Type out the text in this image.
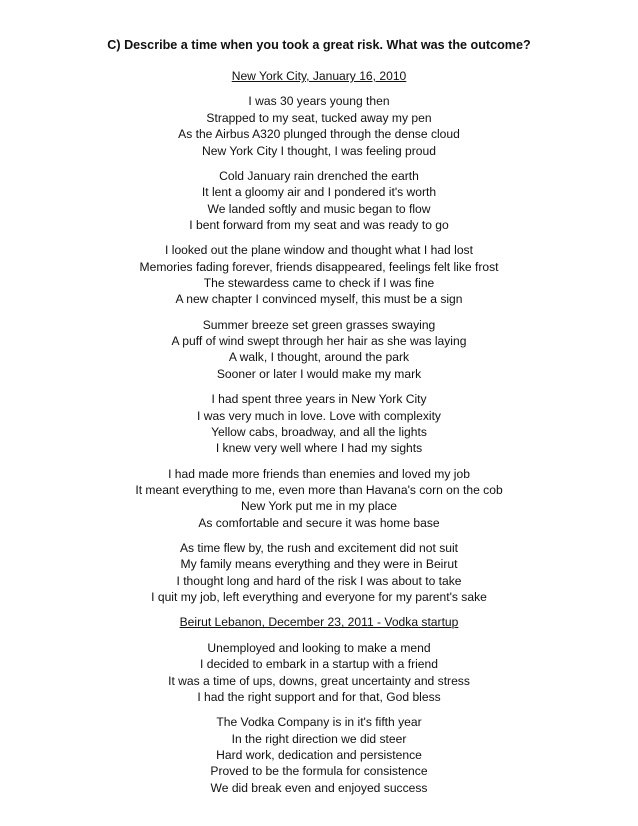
C) Describe a time when you took a great risk. What was the outcome?
New York City, January 16, 2010
I was 30 years young then
Strapped to my seat, tucked away my pen
As the Airbus A320 plunged through the dense cloud
New York City I thought, I was feeling proud
Cold January rain drenched the earth
It lent a gloomy air and I pondered it's worth
We landed softly and music began to flow
I bent forward from my seat and was ready to go
I looked out the plane window and thought what I had lost
Memories fading forever, friends disappeared, feelings felt like frost
The stewardess came to check if I was fine
A new chapter I convinced myself, this must be a sign
Summer breeze set green grasses swaying
A puff of wind swept through her hair as she was laying
A walk, I thought, around the park
Sooner or later I would make my mark
I had spent three years in New York City
I was very much in love. Love with complexity
Yellow cabs, broadway, and all the lights
I knew very well where I had my sights
I had made more friends than enemies and loved my job
It meant everything to me, even more than Havana's corn on the cob
New York put me in my place
As comfortable and secure it was home base
As time flew by, the rush and excitement did not suit
My family means everything and they were in Beirut
I thought long and hard of the risk I was about to take
I quit my job, left everything and everyone for my parent's sake
Beirut Lebanon, December 23, 2011 - Vodka startup
Unemployed and looking to make a mend
I decided to embark in a startup with a friend
It was a time of ups, downs, great uncertainty and stress
I had the right support and for that, God bless
The Vodka Company is in it's fifth year
In the right direction we did steer
Hard work, dedication and persistence
Proved to be the formula for consistence
We did break even and enjoyed success
